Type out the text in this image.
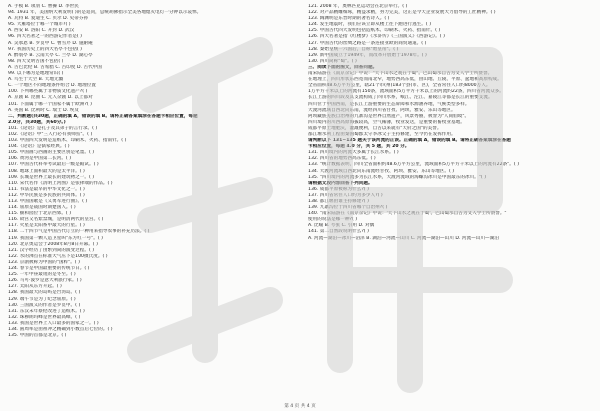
A. 手模 B. 项羽 C. 曹操 D. 李世民
94. 1931 年，美国纳大利发明( )的是追问，总统胡佛指示全美各地熄灭电灯一分钟以示哀悼。
A. 瓦特 B. 爱迪生 C. 贝尔 D. 史蒂芬孙
95. 大雁塔位于哪一个城市?( )
A. 西安 B. 洛阳 C. 开封 D. 武汉
96. 四大名著之一的西游记作者是( )
A. 吴承恩 B. 罗贯中 C. 曹雪芹 D. 施耐庵
97. 我国历史上的四大名亭不包括( )
A. 醉翁亭 B. 云南天亭 C. 兰亭 D. 湖心亭
98. 四大文明古国不包括( )
A. 古巴比伦 B. 古希腊 C. 古印度 D. 古代中国
99. 以下哪为是地理常识( )
A. 鸟生于天空 B. 天地无疆
C. 一个地区不同地理条件组合 D. 地理位置
100. 下列哪些属于非物质文化遗产?( )
A. 京剧 B. 昆曲 C. 元人杂剧 D. 以上都对
101. 下面属于哪一个国家不属于欧洲?( )
A. 英国 B. 比利时 C. 瑞士 D. 埃及
二、判断题(共30题，正确的填 A，错误的填 B。请将正确答案填涂在答题卡相应位置，每题
2.0分，共30题，共60分。)
101.《论语》是孔子及其弟子的言行录。( )
102.《论语》中"三人行必有我师焉"。( )
103. 中国四大发明是造纸术、印刷术、火药、指南针。( )
104.《论语》是儒家经典。( )
105. 中国画与西画的主要区别是笔墨。( )
106. 黄河是中国第二长河。( )
107. 中国古代科举考试最后一级是殿试。( )
108. 地球上面积最大的是太平洋。( )
109. 长城是世界上最长的建筑物之一。( )
110. 宋代名作《清明上河图》是张择端的作品。( )
111. 书法是最早的中华文化之一。( )
112. 中华民族是多民族的共同体。( )
113. 中国国歌是《义勇军进行曲》。( )
114. 屈原是战国时期楚国人。( )
115. 颐和园位于北京西郊。( )
116. 故宫又名紫禁城，是明清两代的皇宫。( )
117. 火星是太阳系中最大的行星。( )
118. 二十四节气是中国古代订立的一种用来指导农事的补充历法。( )
119. 我国第一颗人造卫星叫"东方红一号"。( )
120. 北京奥运会于2008年8月8日开幕。( )
121. 汉字经历了由繁到简的演变过程。( )
122. 水的沸点在标准大气压下是100摄氏度。( )
123. 京剧被称为中国的"国粹"。( )
124. 春节是中国最重要的传统节日。( )
125. 一年中昼最短的是冬至。( )
126. 马可·波罗是意大利旅行家。( )
127. 太阳从东方升起。( )
128. 我国最大的岛屿是台湾岛。( )
129. 端午节是为了纪念屈原。( )
130. 三国演义的作者是罗贯中。( )
131. 东汉末年蔡伦改进了造纸术。( )
132. 珠穆朗玛峰是世界最高峰。( )
133. 我国是世界上人口最多的国家之一。( )
134. 圆周率是由祖冲之精确到小数点后七位的。( )
135. 中国的首都是北京。( )
121. 2008 年，奥林匹克运动会在北京举行。( )
122. 对产品精雕细琢，精益求精，努力完美，这正是今天企业发展大力倡导的工匠精神。( )
123. 陶渊明是东晋时期的著名诗人。( )
124. 发生地震时，我们应该立即从楼上往下跑进行逃生。( )
125. 中国古代四大发明包括造纸术、印刷术、火药、指南针。( )
126. 四大名著是指《红楼梦》《水浒传》《三国演义》《西游记》。( )
127. 中国古代的丝绸之路是一条连接亚欧的商贸通道。( )
128. 秦始皇统一六国后，自称"始皇帝"。( )
129. 新中国成立于1949年，而改革开放始于1978年。( )
130. 四川简称"蜀"。( )
三、阅读下面的图文，回答问题。
南宋陆游在《南京杂记》中说："天下山水之观在于蜀"。巴山蜀水自古为文人学士所赞誉。
在地理上，四川形状东西宽而南北窄，地势西高东低，由山地、丘陵、平原、盆地和高原构成。
全省面积48.6万平方公里，辖21个市(州)183个县(市、区)，全省常住人口约8000万人。
1万平方千米以上的河流有150条，流域面积5万平方千米以上的河流约22条，四川省河流众多。
长江上游的四川段及其支流构成了四川水系，岷江、沱江、嘉陵江等都是长江的重要支流。
四川位于中国西南，是长江上游重要的生态屏障和水源涵养地，气候类型多样。
大渡河流域自西北向东南，流经四川省甘孜、阿坝、雅安、乐山等地区。
阿坝藏族羌族自治州的九寨沟是世界自然遗产，风景秀丽，被誉为"人间仙境"。
四川境内的川西高原海拔较高，空气稀薄，牧业发达，是重要的畜牧业基地。
成都平原土地肥沃，灌溉便利，自古以来就有"天府之国"的美誉。
都江堰水利工程由秦国蜀郡太守李冰父子主持修建，至今仍在发挥作用。
请判断以下 131~135 题关于该河流的正误。正确的填 A，错误的填 B。请将正确答案填涂在答题
卡相应位置，每题 4.0 分，共 5 题，共 20 分。
131. 四川境内的河流大多属于长江水系。( )
132. 四川省的地势西高东低。( )
133. "统计数据表明，四川全省面积约48.6万平方公里，流域面积5万平方千米以上的河流有22条"。( )
134. 大渡河流域自西北向东南流经甘孜、阿坝、雅安、乐山等地区。( )
135. "四川境内的河流多为长江水系，大渡河流域的海螺沟冰川是中国最东的冰川。"( )
请根据文段内容回答下列问题。
136. 成都平原被称为什么?( )
137. 四川省常住人口约为多少人?( )
138. 都江堰由谁主持修建?( )
139. 九寨沟位于四川省哪个自治州?( )
140. "南宋陆游在《南京杂记》中说：'天下山水之观在于蜀'。巴山蜀水自古为文人学士所赞誉。"
使用的说法是哪一种?( )
A. 比喻 B. 夸张 C. 引用 D. 对偶
141. 第二自然段说明什么?( )
A. 河流—湖泊—冰川—沼泽 B. 湖泊—河流—山川 C. 河流—湖泊—山川 D. 河流—山川—湖泊
第 4 页 共 4 页
